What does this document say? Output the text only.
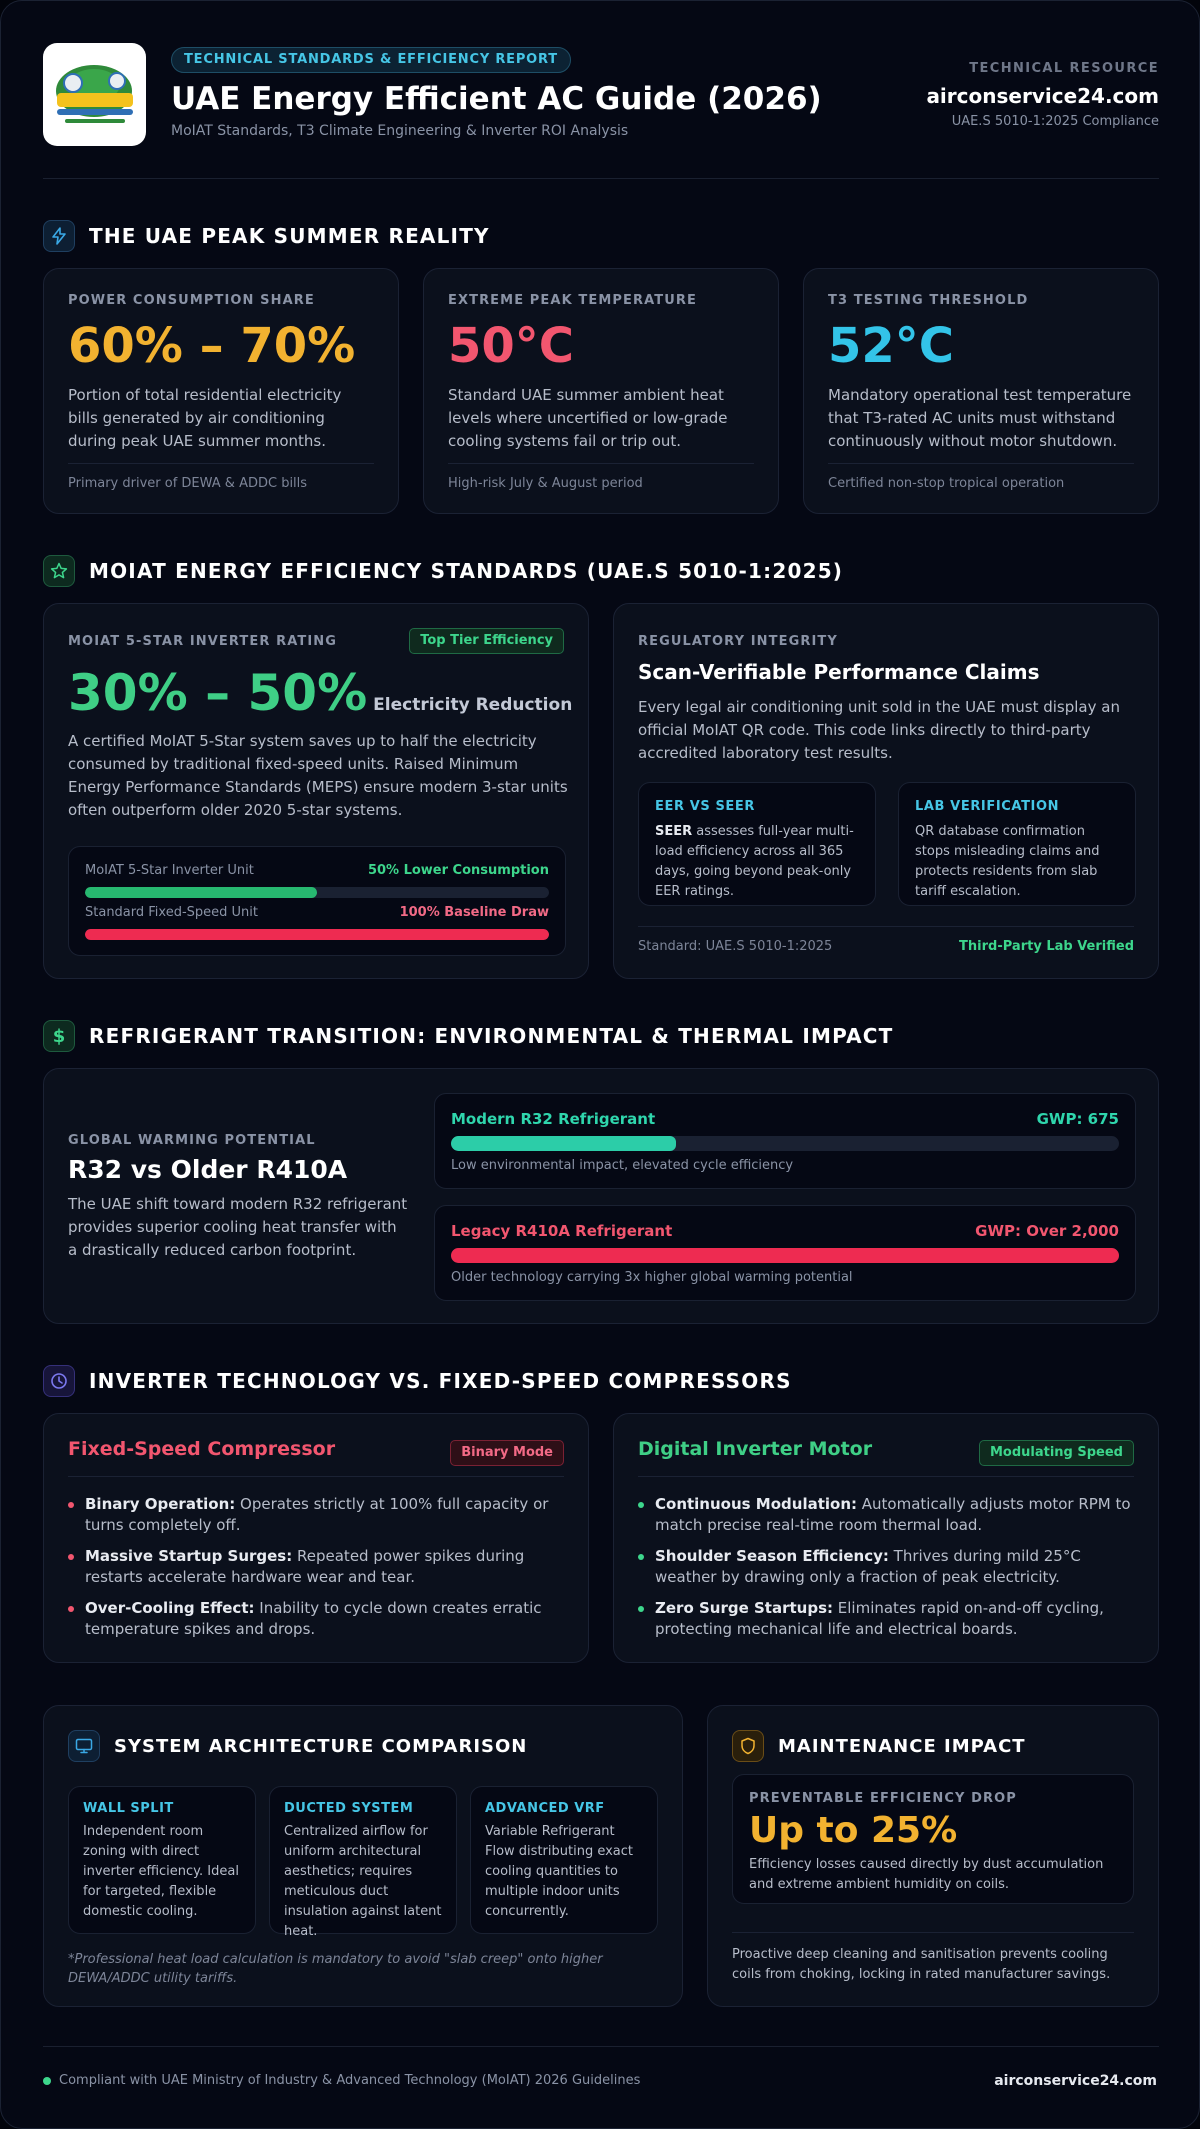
TECHNICAL STANDARDS & EFFICIENCY REPORT
UAE Energy Efficient AC Guide (2026)
MoIAT Standards, T3 Climate Engineering & Inverter ROI Analysis
TECHNICAL RESOURCE
airconservice24.com
UAE.S 5010-1:2025 Compliance
THE UAE PEAK SUMMER REALITY
POWER CONSUMPTION SHARE
60% – 70%
Portion of total residential electricity bills generated by air conditioning during peak UAE summer months.
Primary driver of DEWA & ADDC bills
EXTREME PEAK TEMPERATURE
50°C
Standard UAE summer ambient heat levels where uncertified or low-grade cooling systems fail or trip out.
High-risk July & August period
T3 TESTING THRESHOLD
52°C
Mandatory operational test temperature that T3-rated AC units must withstand continuously without motor shutdown.
Certified non-stop tropical operation
MOIAT ENERGY EFFICIENCY STANDARDS (UAE.S 5010-1:2025)
MOIAT 5-STAR INVERTER RATING	Top Tier Efficiency
30% – 50% Electricity Reduction
A certified MoIAT 5-Star system saves up to half the electricity consumed by traditional fixed-speed units. Raised Minimum Energy Performance Standards (MEPS) ensure modern 3-star units often outperform older 2020 5-star systems.
MoIAT 5-Star Inverter Unit	50% Lower Consumption
Standard Fixed-Speed Unit	100% Baseline Draw
REGULATORY INTEGRITY
Scan-Verifiable Performance Claims
Every legal air conditioning unit sold in the UAE must display an official MoIAT QR code. This code links directly to third-party accredited laboratory test results.
EER VS SEER
SEER assesses full-year multi-load efficiency across all 365 days, going beyond peak-only EER ratings.
LAB VERIFICATION
QR database confirmation stops misleading claims and protects residents from slab tariff escalation.
Standard: UAE.S 5010-1:2025	Third-Party Lab Verified
$ REFRIGERANT TRANSITION: ENVIRONMENTAL & THERMAL IMPACT
GLOBAL WARMING POTENTIAL
R32 vs Older R410A
The UAE shift toward modern R32 refrigerant provides superior cooling heat transfer with a drastically reduced carbon footprint.
Modern R32 Refrigerant	GWP: 675
Low environmental impact, elevated cycle efficiency
Legacy R410A Refrigerant	GWP: Over 2,000
Older technology carrying 3x higher global warming potential
INVERTER TECHNOLOGY VS. FIXED-SPEED COMPRESSORS
Fixed-Speed Compressor	Binary Mode
Binary Operation: Operates strictly at 100% full capacity or turns completely off.
Massive Startup Surges: Repeated power spikes during restarts accelerate hardware wear and tear.
Over-Cooling Effect: Inability to cycle down creates erratic temperature spikes and drops.
Digital Inverter Motor	Modulating Speed
Continuous Modulation: Automatically adjusts motor RPM to match precise real-time room thermal load.
Shoulder Season Efficiency: Thrives during mild 25°C weather by drawing only a fraction of peak electricity.
Zero Surge Startups: Eliminates rapid on-and-off cycling, protecting mechanical life and electrical boards.
SYSTEM ARCHITECTURE COMPARISON
WALL SPLIT
Independent room zoning with direct inverter efficiency. Ideal for targeted, flexible domestic cooling.
DUCTED SYSTEM
Centralized airflow for uniform architectural aesthetics; requires meticulous duct insulation against latent heat.
ADVANCED VRF
Variable Refrigerant Flow distributing exact cooling quantities to multiple indoor units concurrently.
*Professional heat load calculation is mandatory to avoid "slab creep" onto higher DEWA/ADDC utility tariffs.
MAINTENANCE IMPACT
PREVENTABLE EFFICIENCY DROP
Up to 25%
Efficiency losses caused directly by dust accumulation and extreme ambient humidity on coils.
Proactive deep cleaning and sanitisation prevents cooling coils from choking, locking in rated manufacturer savings.
Compliant with UAE Ministry of Industry & Advanced Technology (MoIAT) 2026 Guidelines	airconservice24.com
